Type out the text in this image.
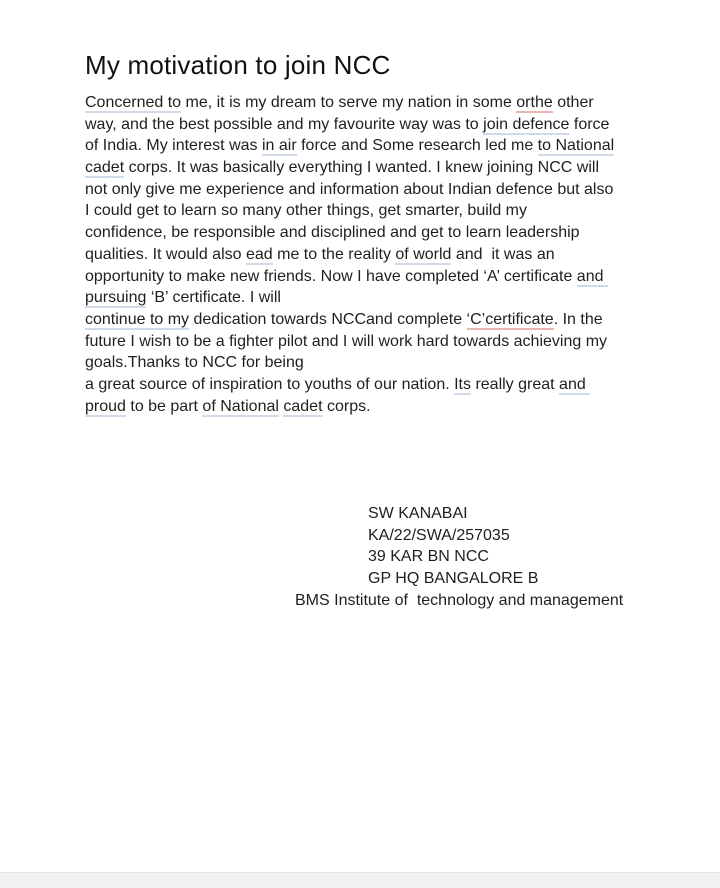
My motivation to join NCC
Concerned to me, it is my dream to serve my nation in some orthe other
way, and the best possible and my favourite way was to join defence force
of India. My interest was in air force and Some research led me to National
cadet corps. It was basically everything I wanted. I knew joining NCC will
not only give me experience and information about Indian defence but also
I could get to learn so many other things, get smarter, build my
confidence, be responsible and disciplined and get to learn leadership
qualities. It would also ead me to the reality of world and  it was an
opportunity to make new friends. Now I have completed ‘A’ certificate and
pursuing ‘B’ certificate. I will
continue to my dedication towards NCCand complete ‘C’certificate. In the
future I wish to be a fighter pilot and I will work hard towards achieving my
goals.Thanks to NCC for being
a great source of inspiration to youths of our nation. Its really great and
proud to be part of National cadet corps.
SW KANABAI
KA/22/SWA/257035
39 KAR BN NCC
GP HQ BANGALORE B
BMS Institute of  technology and management
